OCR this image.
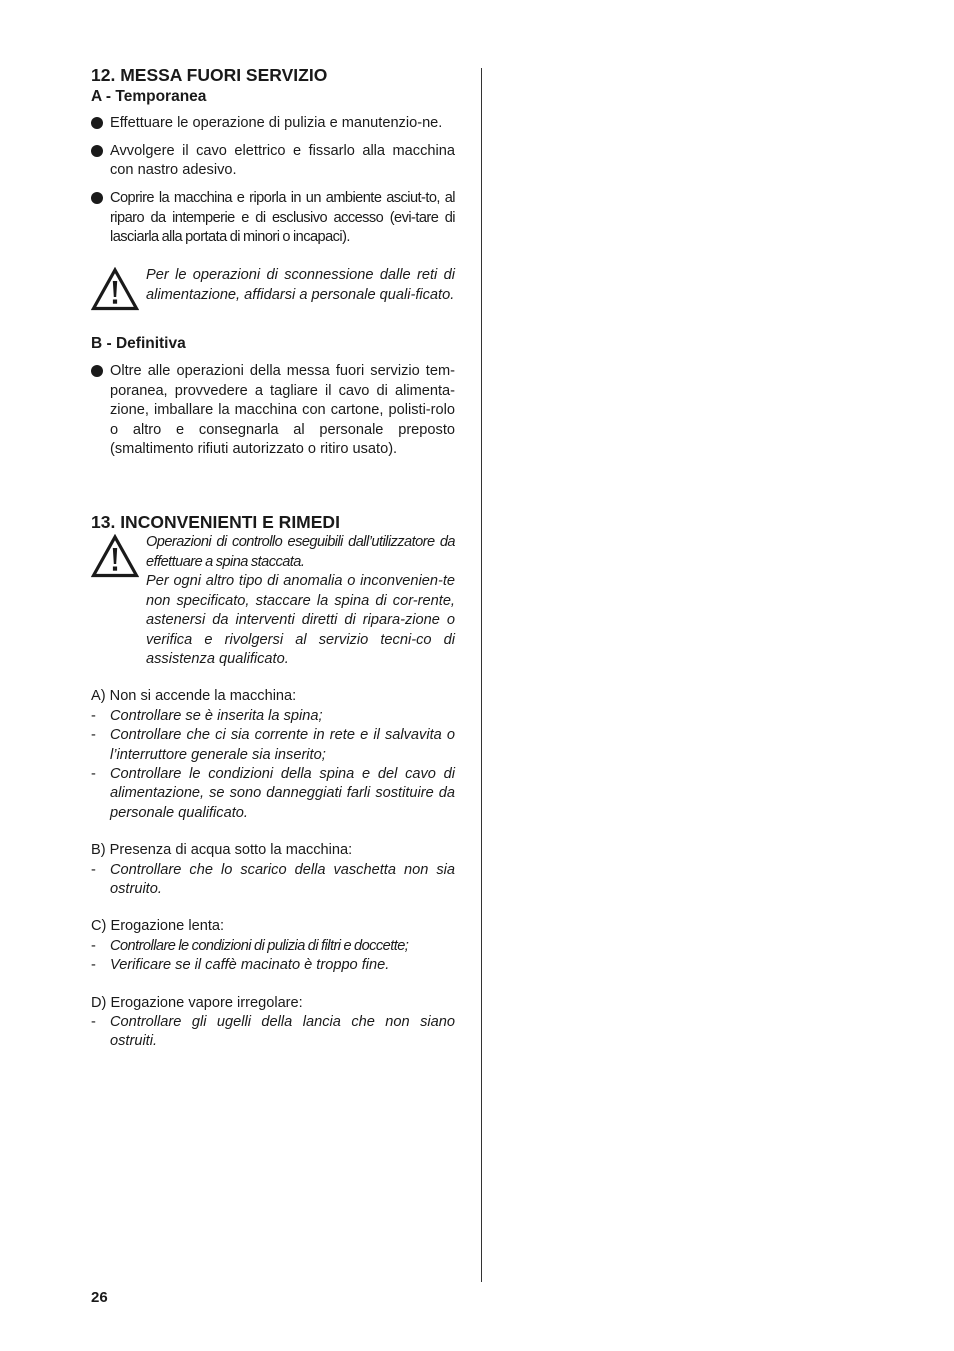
12. MESSA FUORI SERVIZIO
A - Temporanea
Effettuare le operazione di pulizia e manutenzio-ne.
Avvolgere il cavo elettrico e fissarlo alla macchina con nastro adesivo.
Coprire la macchina e riporla in un ambiente asciut-to, al riparo da intemperie e di esclusivo accesso (evi-tare di lasciarla alla portata di minori o incapaci).

Per le operazioni di sconnessione dalle reti di alimentazione, affidarsi a personale quali-ficato.

B - Definitiva
Oltre alle operazioni della messa fuori servizio tem-poranea, provvedere a tagliare il cavo di alimenta-zione, imballare la macchina con cartone, polisti-rolo o altro e consegnarla al personale preposto (smaltimento rifiuti autorizzato o ritiro usato).
13. INCONVENIENTI E RIMEDI

Operazioni di controllo eseguibili dall’utilizzatore da effettuare a spina staccata.

Per ogni altro tipo di anomalia o inconvenien-te non specificato, staccare la spina di cor-rente, astenersi da interventi diretti di ripara-zione o verifica e rivolgersi al servizio tecni-co di assistenza qualificato.

A) Non si accende la macchina:

- Controllare se è inserita la spina;
- Controllare che ci sia corrente in rete e il salvavita o l’interruttore generale sia inserito;
- Controllare le condizioni della spina e del cavo di alimentazione, se sono danneggiati farli sostituire da personale qualificato.

B) Presenza di acqua sotto la macchina:

- Controllare che lo scarico della vaschetta non sia ostruito.

C) Erogazione lenta:

- Controllare le condizioni di pulizia di filtri e doccette;
- Verificare se il caffè macinato è troppo fine.

D) Erogazione vapore irregolare:

- Controllare gli ugelli della lancia che non siano ostruiti.
26
